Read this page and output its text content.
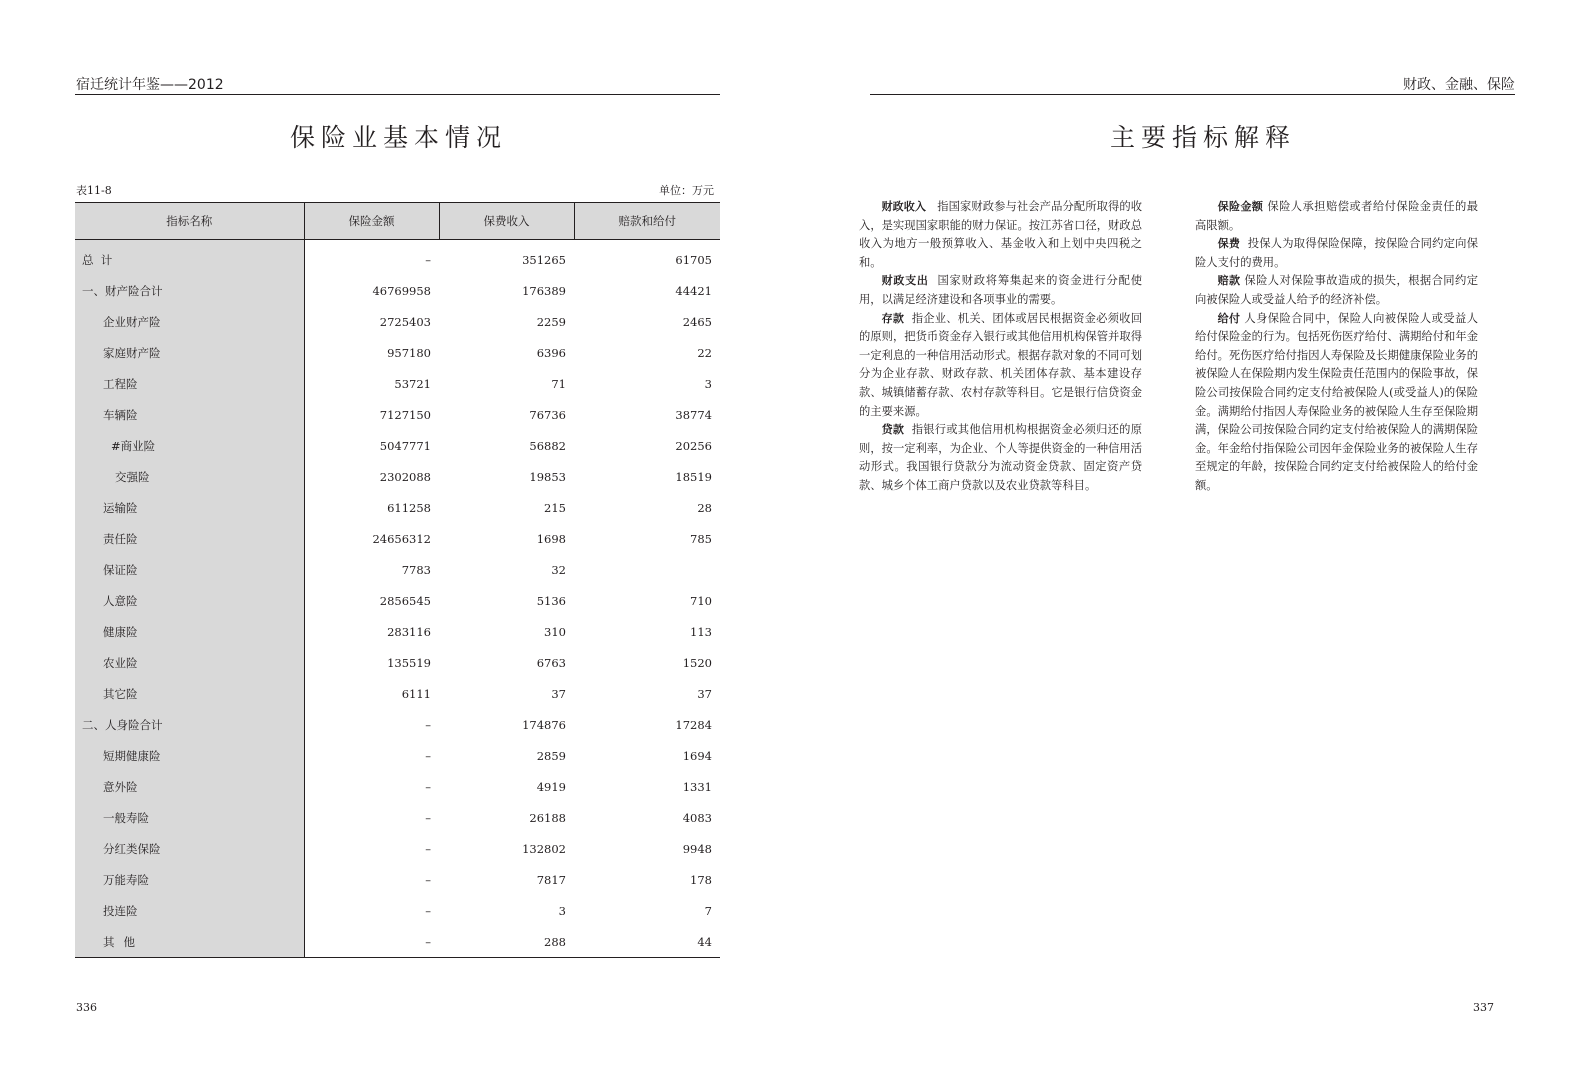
宿迁统计年鉴——2012
保险业基本情况
表11-8	单位：万元
指标名称	保险金额	保费收入	赔款和给付
总  计	–	351265	61705
一、财产险合计	46769958	176389	44421
企业财产险	2725403	2259	2465
家庭财产险	957180	6396	22
工程险	53721	71	3
车辆险	7127150	76736	38774
#商业险	5047771	56882	20256
交强险	2302088	19853	18519
运输险	611258	215	28
责任险	24656312	1698	785
保证险	7783	32	
人意险	2856545	5136	710
健康险	283116	310	113
农业险	135519	6763	1520
其它险	6111	37	37
二、人身险合计	–	174876	17284
短期健康险	–	2859	1694
意外险	–	4919	1331
一般寿险	–	26188	4083
分红类保险	–	132802	9948
万能寿险	–	7817	178
投连险	–	3	7
其他	–	288	44
336
财政、金融、保险
主要指标解释

财政收入　指国家财政参与社会产品分配所取得的收入，是实现国家职能的财力保证。按江苏省口径，财政总收入为地方一般预算收入、基金收入和上划中央四税之和。

财政支出 国家财政将筹集起来的资金进行分配使用，以满足经济建设和各项事业的需要。

存款 指企业、机关、团体或居民根据资金必须收回的原则，把货币资金存入银行或其他信用机构保管并取得一定利息的一种信用活动形式。根据存款对象的不同可划分为企业存款、财政存款、机关团体存款、基本建设存款、城镇储蓄存款、农村存款等科目。它是银行信贷资金的主要来源。

贷款 指银行或其他信用机构根据资金必须归还的原则，按一定利率，为企业、个人等提供资金的一种信用活动形式。我国银行贷款分为流动资金贷款、固定资产贷款、城乡个体工商户贷款以及农业贷款等科目。

保险金额 保险人承担赔偿或者给付保险金责任的最高限额。

保费 投保人为取得保险保障，按保险合同约定向保险人支付的费用。

赔款 保险人对保险事故造成的损失，根据合同约定向被保险人或受益人给予的经济补偿。

给付 人身保险合同中，保险人向被保险人或受益人给付保险金的行为。包括死伤医疗给付、满期给付和年金给付。死伤医疗给付指因人寿保险及长期健康保险业务的被保险人在保险期内发生保险责任范围内的保险事故，保险公司按保险合同约定支付给被保险人(或受益人)的保险金。满期给付指因人寿保险业务的被保险人生存至保险期满，保险公司按保险合同约定支付给被保险人的满期保险金。年金给付指保险公司因年金保险业务的被保险人生存至规定的年龄，按保险合同约定支付给被保险人的给付金额。

337
